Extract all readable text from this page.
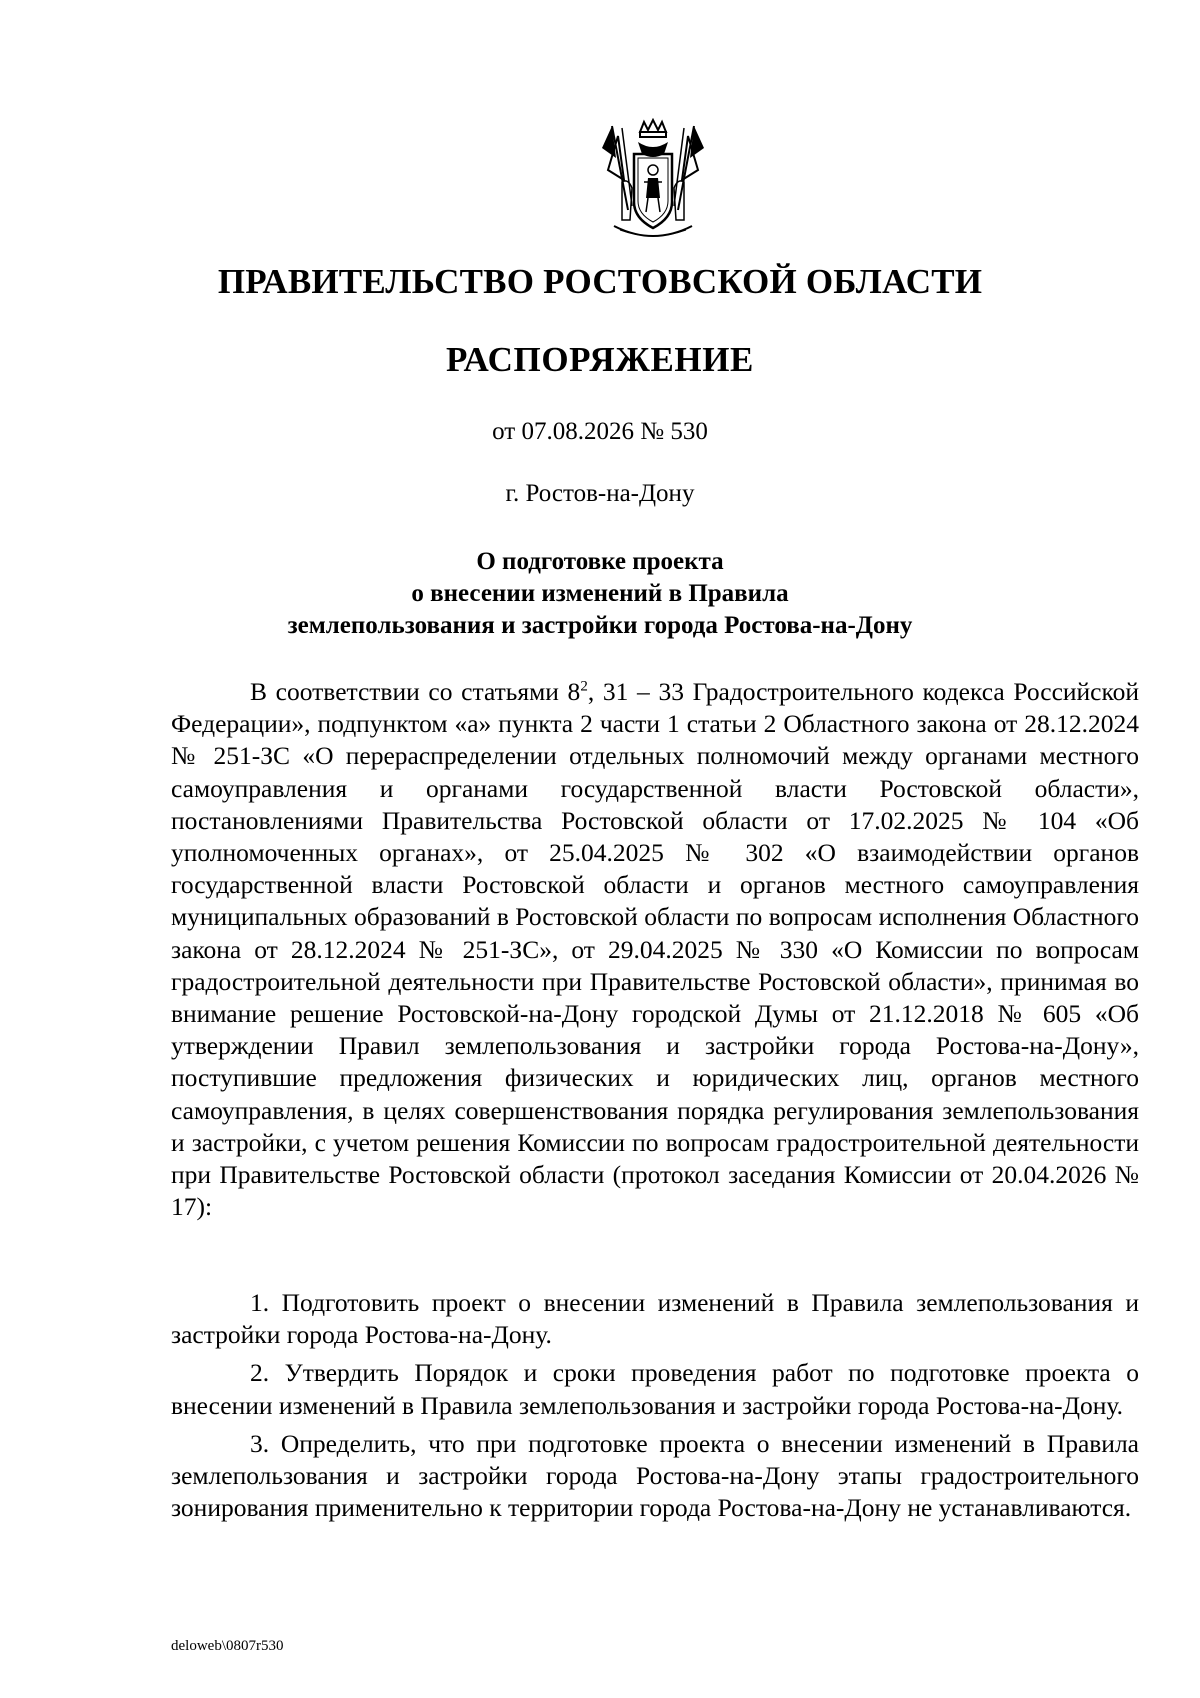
ПРАВИТЕЛЬСТВО РОСТОВСКОЙ ОБЛАСТИ
РАСПОРЯЖЕНИЕ
от 07.08.2026 № 530
г. Ростов-на-Дону
О подготовке проекта
о внесении изменений в Правила
землепользования и застройки города Ростова-на-Дону

В соответствии со статьями $8^2$, 31 – 33 Градостроительного кодекса Российской Федерации», подпунктом «а» пункта 2 части 1 статьи 2 Областного закона от 28.12.2024 № 251-ЗС «О перераспределении отдельных полномочий между органами местного самоуправления и органами государственной власти Ростовской области», постановлениями Правительства Ростовской области от 17.02.2025 № 104 «Об уполномоченных органах», от 25.04.2025 № 302 «О взаимодействии органов государственной власти Ростовской области и органов местного самоуправления муниципальных образований в Ростовской области по вопросам исполнения Областного закона от 28.12.2024 № 251-ЗС», от 29.04.2025 № 330 «О Комиссии по вопросам градостроительной деятельности при Правительстве Ростовской области», принимая во внимание решение Ростовской-на-Дону городской Думы от 21.12.2018 № 605 «Об утверждении Правил землепользования и застройки города Ростова-на-Дону», поступившие предложения физических и юридических лиц, органов местного самоуправления, в целях совершенствования порядка регулирования землепользования и застройки, с учетом решения Комиссии по вопросам градостроительной деятельности при Правительстве Ростовской области (протокол заседания Комиссии от 20.04.2026 № 17):

1. Подготовить проект о внесении изменений в Правила землепользования и застройки города Ростова-на-Дону.

2. Утвердить Порядок и сроки проведения работ по подготовке проекта о внесении изменений в Правила землепользования и застройки города Ростова-на-Дону.

3. Определить, что при подготовке проекта о внесении изменений в Правила землепользования и застройки города Ростова-на-Дону этапы градостроительного зонирования применительно к территории города Ростова-на-Дону не устанавливаются.

deloweb\0807r530
